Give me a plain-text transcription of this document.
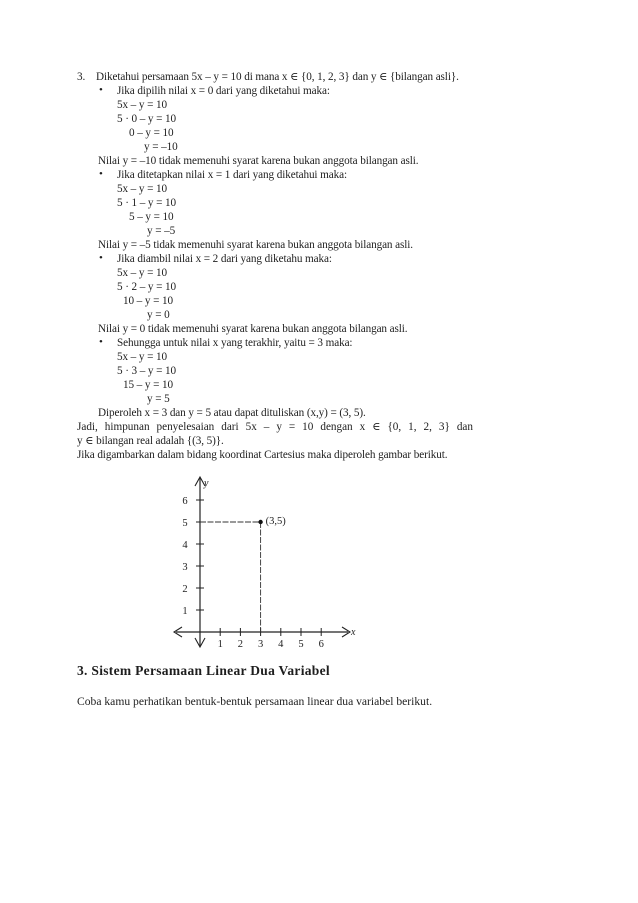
3. Diketahui persamaan 5x – y = 10 di mana x ∈ {0, 1, 2, 3} dan y ∈ {bilangan asli}.
• Jika dipilih nilai x = 0 dari yang diketahui maka:
5x – y = 10
5 · 0 – y = 10
0 – y = 10
y = –10
Nilai y = –10 tidak memenuhi syarat karena bukan anggota bilangan asli.
• Jika ditetapkan nilai x = 1 dari yang diketahui maka:
5x – y = 10
5 · 1 – y = 10
5 – y = 10
y = –5
Nilai y = –5 tidak memenuhi syarat karena bukan anggota bilangan asli.
• Jika diambil nilai x = 2 dari yang diketahu maka:
5x – y = 10
5 · 2 – y = 10
10 – y = 10
y = 0
Nilai y = 0 tidak memenuhi syarat karena bukan anggota bilangan asli.
• Sehungga untuk nilai x yang terakhir, yaitu = 3 maka:
5x – y = 10
5 · 3 – y = 10
15 – y = 10
y = 5
Diperoleh x = 3 dan y = 5 atau dapat dituliskan (x,y) = (3, 5).
Jadi, himpunan penyelesaian dari 5x – y = 10 dengan x ∈ {0, 1, 2, 3} dan
y ∈ bilangan real adalah {(3, 5)}.
Jika digambarkan dalam bidang koordinat Cartesius maka diperoleh gambar berikut.
x
y
1 2 3 4 5 6
1
2
3
4
5
6
(3,5)
3. Sistem Persamaan Linear Dua Variabel
Coba kamu perhatikan bentuk-bentuk persamaan linear dua variabel berikut.
